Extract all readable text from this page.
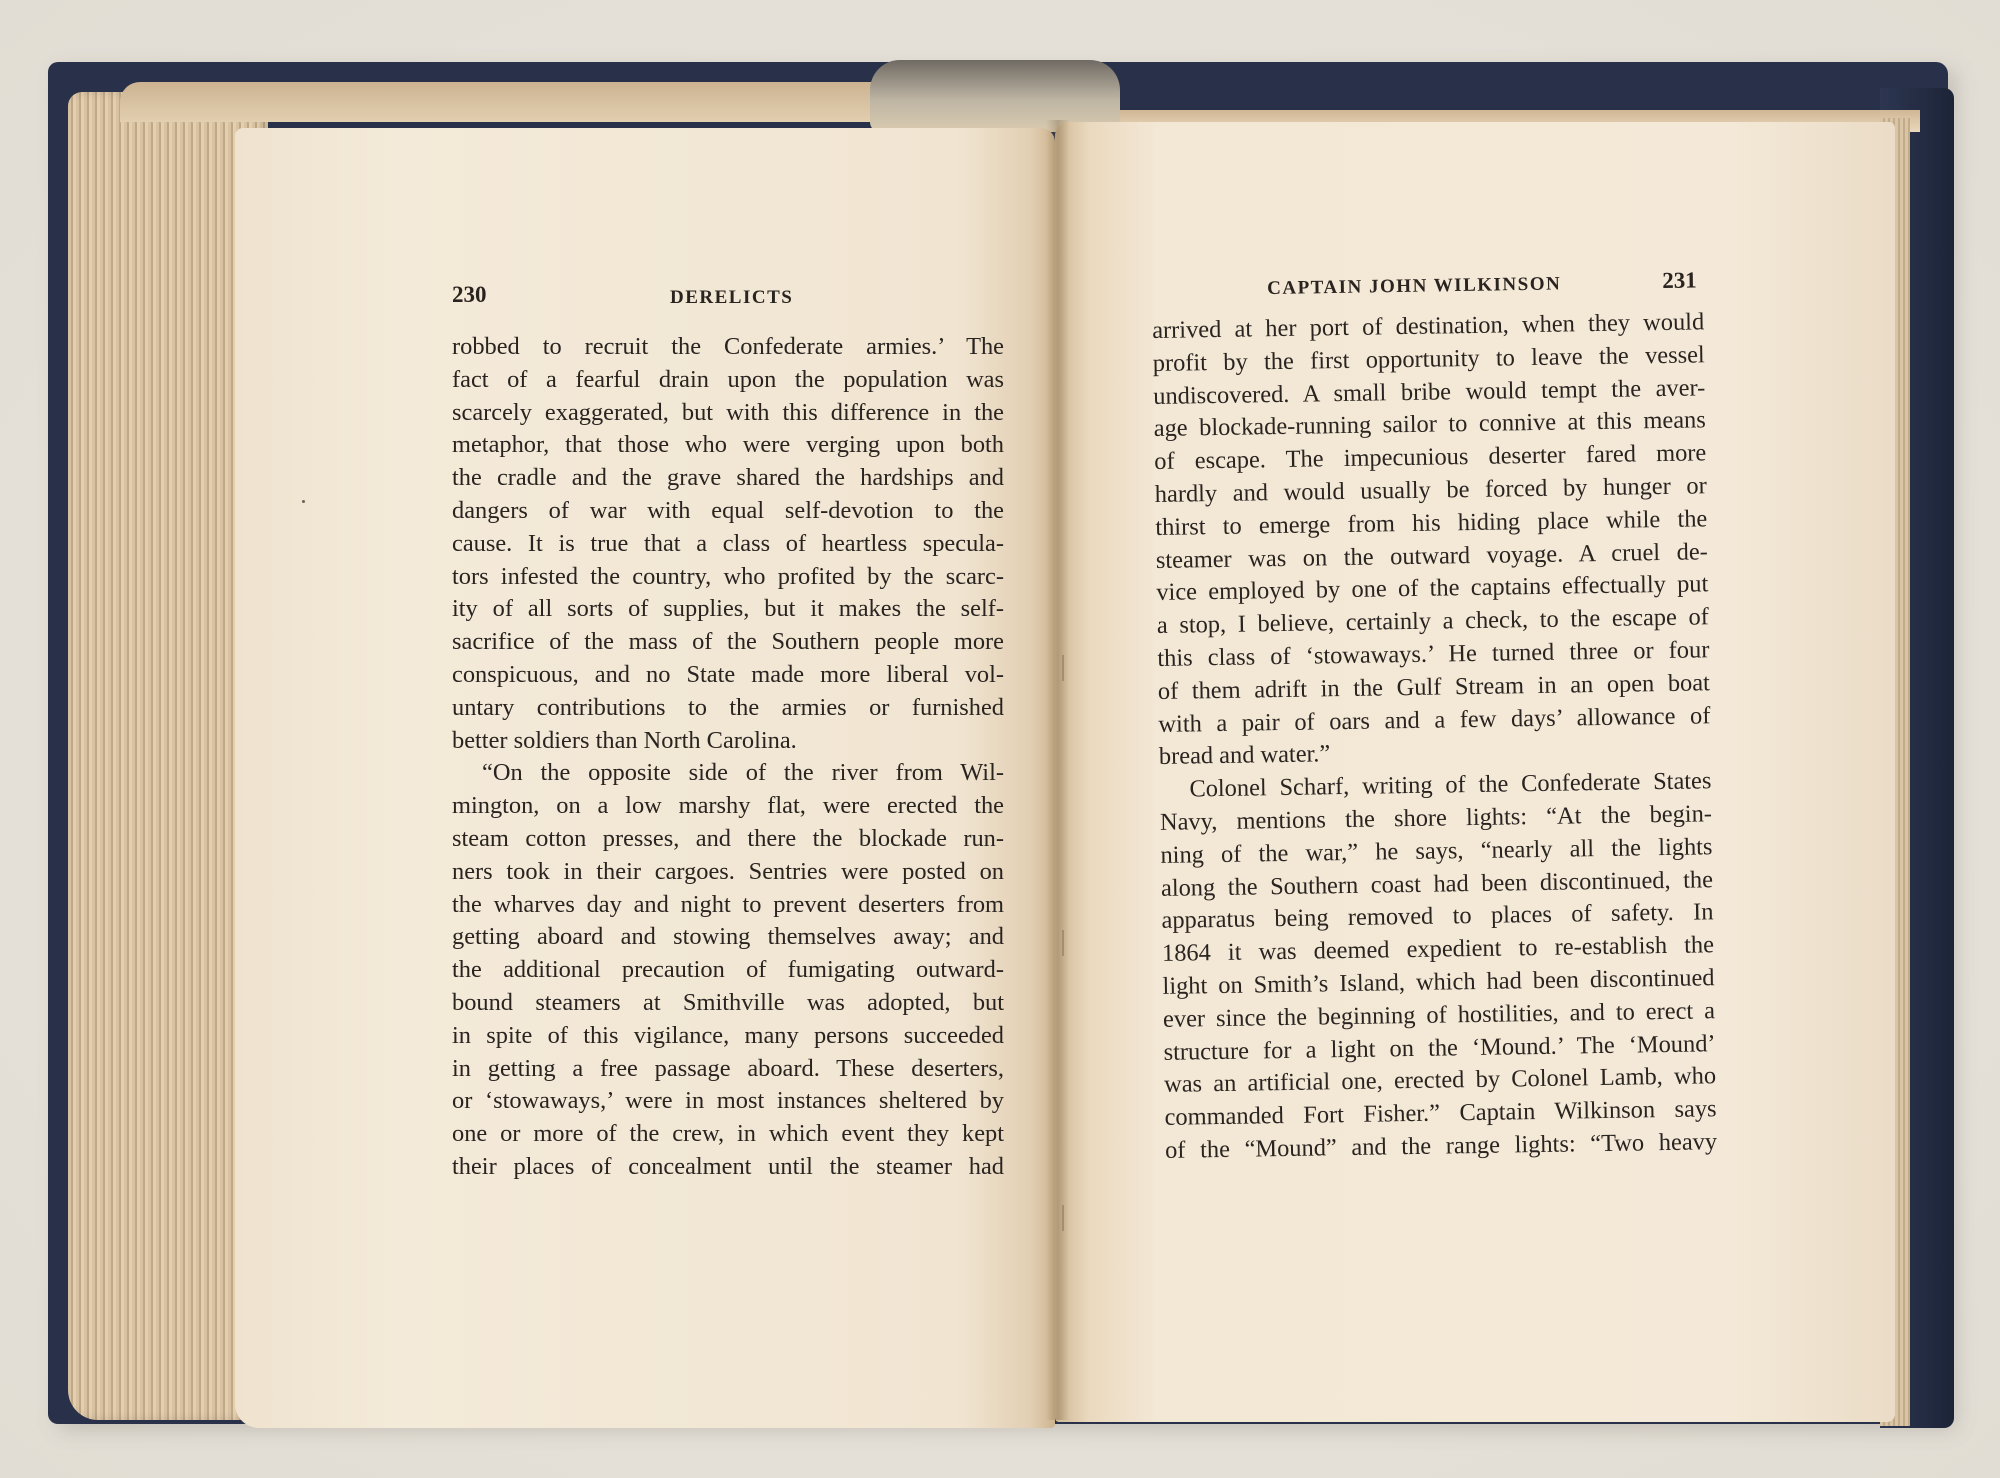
230	DERELICTS	CAPTAIN JOHN WILKINSON	231
robbed to recruit the Confederate armies.’ The
fact of a fearful drain upon the population was
scarcely exaggerated, but with this difference in the
metaphor, that those who were verging upon both
the cradle and the grave shared the hardships and
dangers of war with equal self-devotion to the
cause. It is true that a class of heartless specula-
tors infested the country, who profited by the scarc-
ity of all sorts of supplies, but it makes the self-
sacrifice of the mass of the Southern people more
conspicuous, and no State made more liberal vol-
untary contributions to the armies or furnished
better soldiers than North Carolina.
“On the opposite side of the river from Wil-
mington, on a low marshy flat, were erected the
steam cotton presses, and there the blockade run-
ners took in their cargoes. Sentries were posted on
the wharves day and night to prevent deserters from
getting aboard and stowing themselves away; and
the additional precaution of fumigating outward-
bound steamers at Smithville was adopted, but
in spite of this vigilance, many persons succeeded
in getting a free passage aboard. These deserters,
or ‘stowaways,’ were in most instances sheltered by
one or more of the crew, in which event they kept
their places of concealment until the steamer had
arrived at her port of destination, when they would
profit by the first opportunity to leave the vessel
undiscovered. A small bribe would tempt the aver-
age blockade-running sailor to connive at this means
of escape. The impecunious deserter fared more
hardly and would usually be forced by hunger or
thirst to emerge from his hiding place while the
steamer was on the outward voyage. A cruel de-
vice employed by one of the captains effectually put
a stop, I believe, certainly a check, to the escape of
this class of ‘stowaways.’ He turned three or four
of them adrift in the Gulf Stream in an open boat
with a pair of oars and a few days’ allowance of
bread and water.”
Colonel Scharf, writing of the Confederate States
Navy, mentions the shore lights: “At the begin-
ning of the war,” he says, “nearly all the lights
along the Southern coast had been discontinued, the
apparatus being removed to places of safety. In
1864 it was deemed expedient to re-establish the
light on Smith’s Island, which had been discontinued
ever since the beginning of hostilities, and to erect a
structure for a light on the ‘Mound.’ The ‘Mound’
was an artificial one, erected by Colonel Lamb, who
commanded Fort Fisher.” Captain Wilkinson says
of the “Mound” and the range lights: “Two heavy
